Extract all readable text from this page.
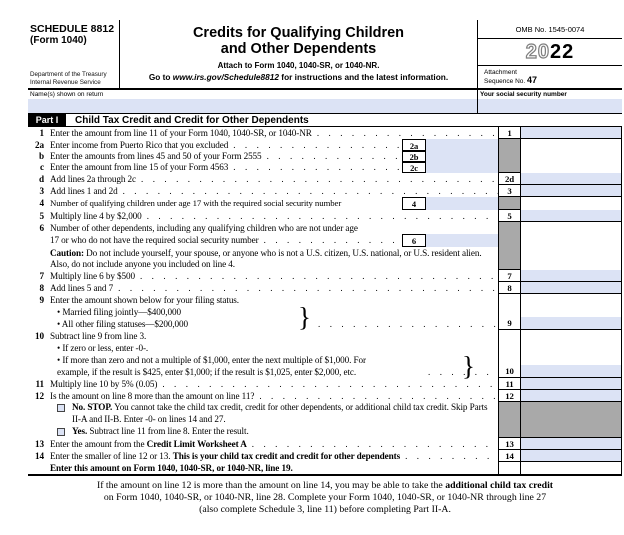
SCHEDULE 8812
(Form 1040)
Department of the Treasury
Internal Revenue Service
Credits for Qualifying Children
and Other Dependents
Attach to Form 1040, 1040-SR, or 1040-NR.
Go to www.irs.gov/Schedule8812 for instructions and the latest information.
OMB No. 1545-0074
2022
Attachment
Sequence No. 47
Name(s) shown on return	Your social security number
Part I	Child Tax Credit and Credit for Other Dependents
1 Enter the amount from line 11 of your Form 1040, 1040-SR, or 1040-NR . . .	1
2a Enter income from Puerto Rico that you excluded . . .	2a
b Enter the amounts from lines 45 and 50 of your Form 2555 . . .	2b
c Enter the amount from line 15 of your Form 4563 . . .	2c
d Add lines 2a through 2c . . .	2d
3 Add lines 1 and 2d . . .	3
4 Number of qualifying children under age 17 with the required social security number	4
5 Multiply line 4 by $2,000 . . .	5
6 Number of other dependents, including any qualifying children who are not under age
17 or who do not have the required social security number . . .	6
Caution: Do not include yourself, your spouse, or anyone who is not a U.S. citizen, U.S. national, or U.S. resident alien. Also, do not include anyone you included on line 4.
7 Multiply line 6 by $500 . . .	7
8 Add lines 5 and 7 . . .	8
9 Enter the amount shown below for your filing status.
• Married filing jointly—$400,000
• All other filing statuses—$200,000	} . . .	9
10 Subtract line 9 from line 3.
• If zero or less, enter -0-.
• If more than zero and not a multiple of $1,000, enter the next multiple of $1,000. For
example, if the result is $425, enter $1,000; if the result is $1,025, enter $2,000, etc.	} . . .	10
11 Multiply line 10 by 5% (0.05) . . .	11
12 Is the amount on line 8 more than the amount on line 11? . . .	12
No. STOP. You cannot take the child tax credit, credit for other dependents, or additional child tax credit. Skip Parts II-A and II-B. Enter -0- on lines 14 and 27.
Yes. Subtract line 11 from line 8. Enter the result.
13 Enter the amount from the Credit Limit Worksheet A . . .	13
14 Enter the smaller of line 12 or 13. This is your child tax credit and credit for other dependents . . .	14
Enter this amount on Form 1040, 1040-SR, or 1040-NR, line 19.
If the amount on line 12 is more than the amount on line 14, you may be able to take the additional child tax credit
on Form 1040, 1040-SR, or 1040-NR, line 28. Complete your Form 1040, 1040-SR, or 1040-NR through line 27
(also complete Schedule 3, line 11) before completing Part II-A.
